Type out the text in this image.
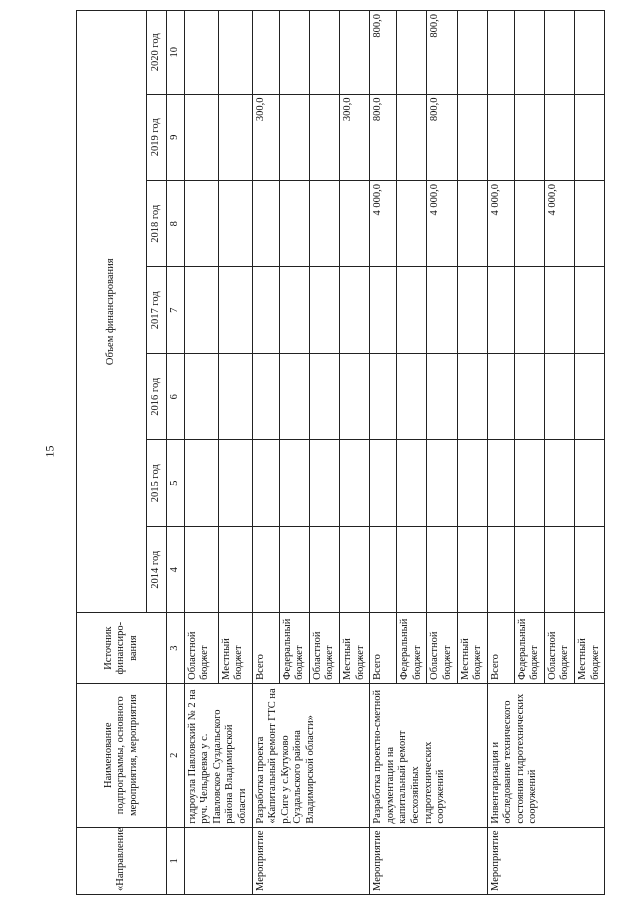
15
«Направление	Наименование подпрограммы, основного мероприятия, мероприятия	Источник финансиро-вания	Объем финансирования						
			2014 год	2015 год	2016 год	2017 год	2018 год	2019 год	2020 год
1	2	3	4	5	6	7	8	9	10
	гидроузла Павловский № 2 на руч. Чельдревка у с. Павловское Суздальского района Владимирской области	Областной бюджет							
		Местный бюджет							
Мероприятие	Разработка проекта «Капитальный ремонт ГТС на р.Сиге у с.Кутуково Суздальского района Владимирской области»	Всего						300,0	
		Федеральный бюджет							
		Областной бюджет							
		Местный бюджет						300,0	
Мероприятие	Разработка проектно-сметной документации на капитальный ремонт бесхозяйных гидротехнических сооружений	Всего					4 000,0	800,0	800,0
		Федеральный бюджет							
		Областной бюджет					4 000,0	800,0	800,0
		Местный бюджет							
Мероприятие	Инвентаризация и обследование технического состояния гидротехнических сооружений	Всего					4 000,0		
		Федеральный бюджет							
		Областной бюджет					4 000,0		
		Местный бюджет							
